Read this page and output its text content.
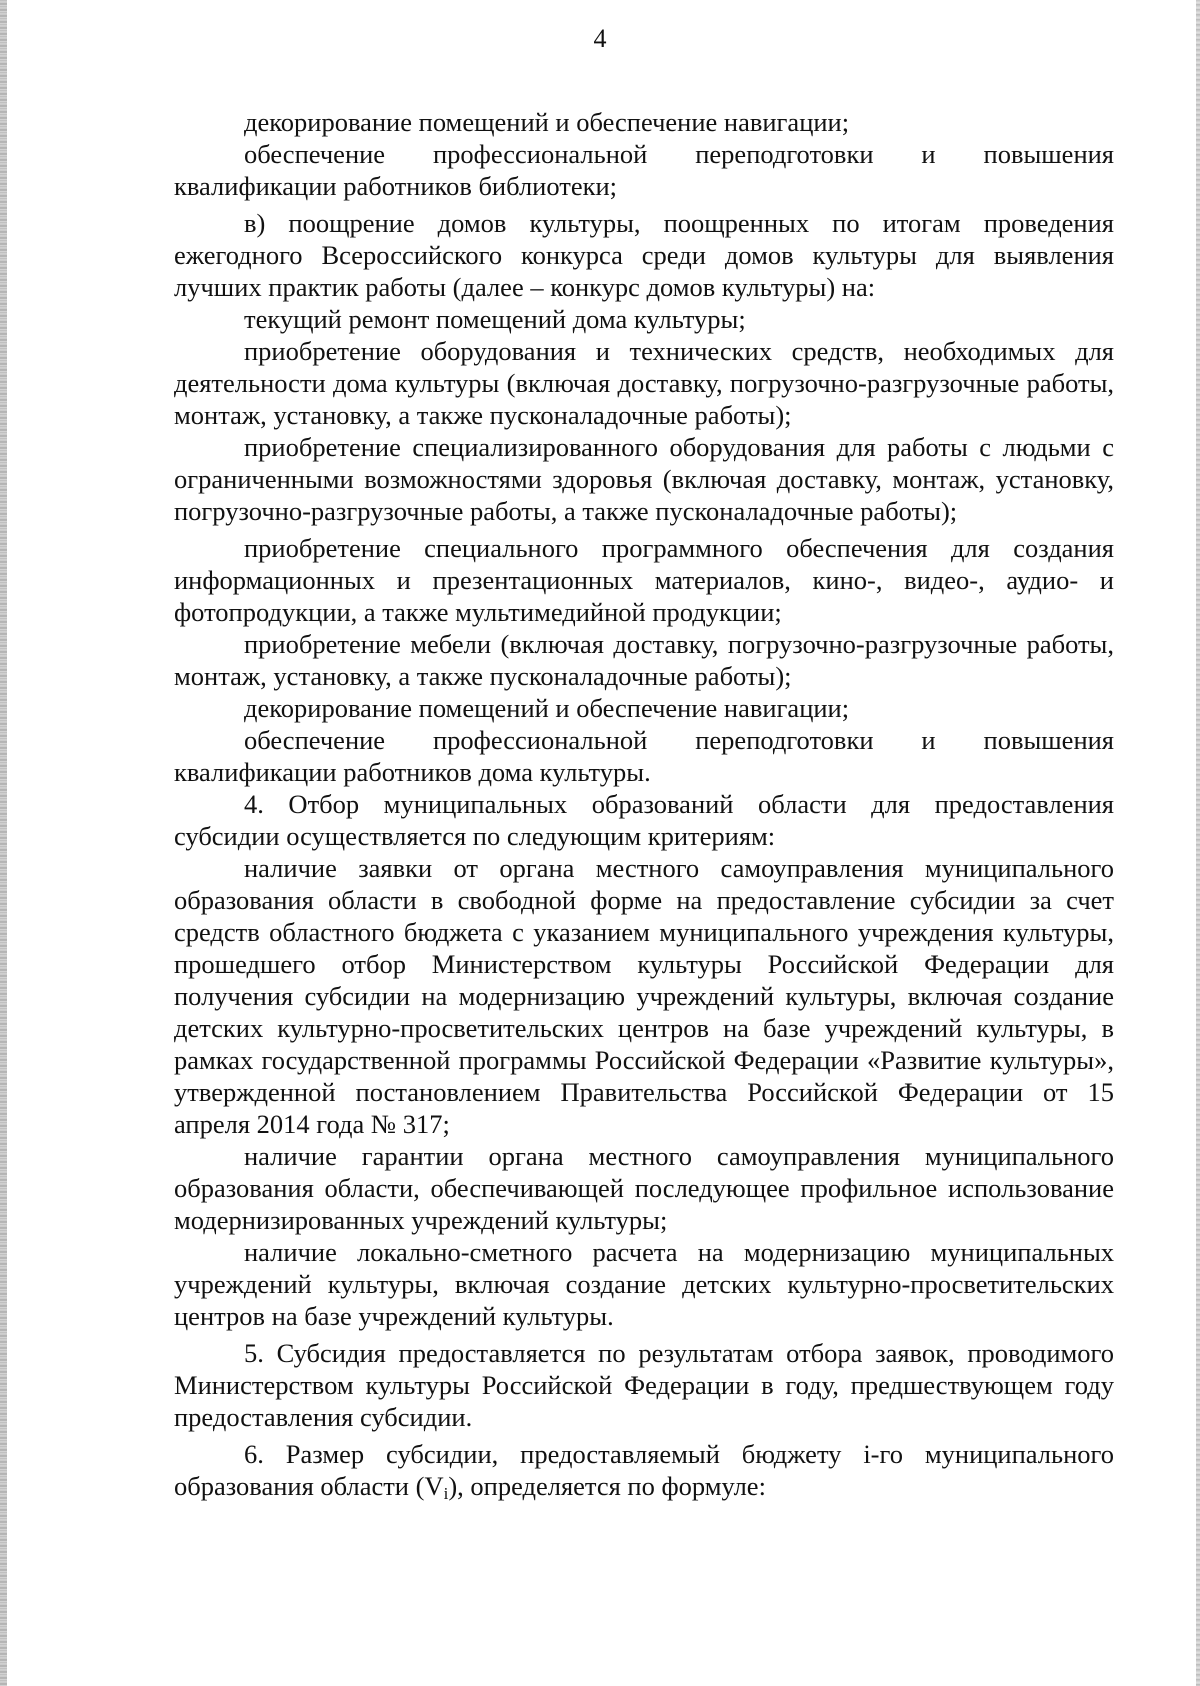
4

декорирование помещений и обеспечение навигации;

обеспечение профессиональной переподготовки и повышения квалификации работников библиотеки;

в) поощрение домов культуры, поощренных по итогам проведения ежегодного Всероссийского конкурса среди домов культуры для выявления лучших практик работы (далее – конкурс домов культуры) на:

текущий ремонт помещений дома культуры;

приобретение оборудования и технических средств, необходимых для деятельности дома культуры (включая доставку, погрузочно-разгрузочные работы, монтаж, установку, а также пусконаладочные работы);

приобретение специализированного оборудования для работы с людьми с ограниченными возможностями здоровья (включая доставку, монтаж, установку, погрузочно-разгрузочные работы, а также пусконаладочные работы);

приобретение специального программного обеспечения для создания информационных и презентационных материалов, кино-, видео-, аудио- и фотопродукции, а также мультимедийной продукции;

приобретение мебели (включая доставку, погрузочно-разгрузочные работы, монтаж, установку, а также пусконаладочные работы);

декорирование помещений и обеспечение навигации;

обеспечение профессиональной переподготовки и повышения квалификации работников дома культуры.

4. Отбор муниципальных образований области для предоставления субсидии осуществляется по следующим критериям:

наличие заявки от органа местного самоуправления муниципального образования области в свободной форме на предоставление субсидии за счет средств областного бюджета с указанием муниципального учреждения культуры, прошедшего отбор Министерством культуры Российской Федерации для получения субсидии на модернизацию учреждений культуры, включая создание детских культурно-просветительских центров на базе учреждений культуры, в рамках государственной программы Российской Федерации «Развитие культуры», утвержденной постановлением Правительства Российской Федерации от 15 апреля 2014 года № 317;

наличие гарантии органа местного самоуправления муниципального образования области, обеспечивающей последующее профильное использование модернизированных учреждений культуры;

наличие локально-сметного расчета на модернизацию муниципальных учреждений культуры, включая создание детских культурно-просветительских центров на базе учреждений культуры.

5. Субсидия предоставляется по результатам отбора заявок, проводимого Министерством культуры Российской Федерации в году, предшествующем году предоставления субсидии.

6. Размер субсидии, предоставляемый бюджету i-го муниципального образования области $(V_i)$, определяется по формуле:
